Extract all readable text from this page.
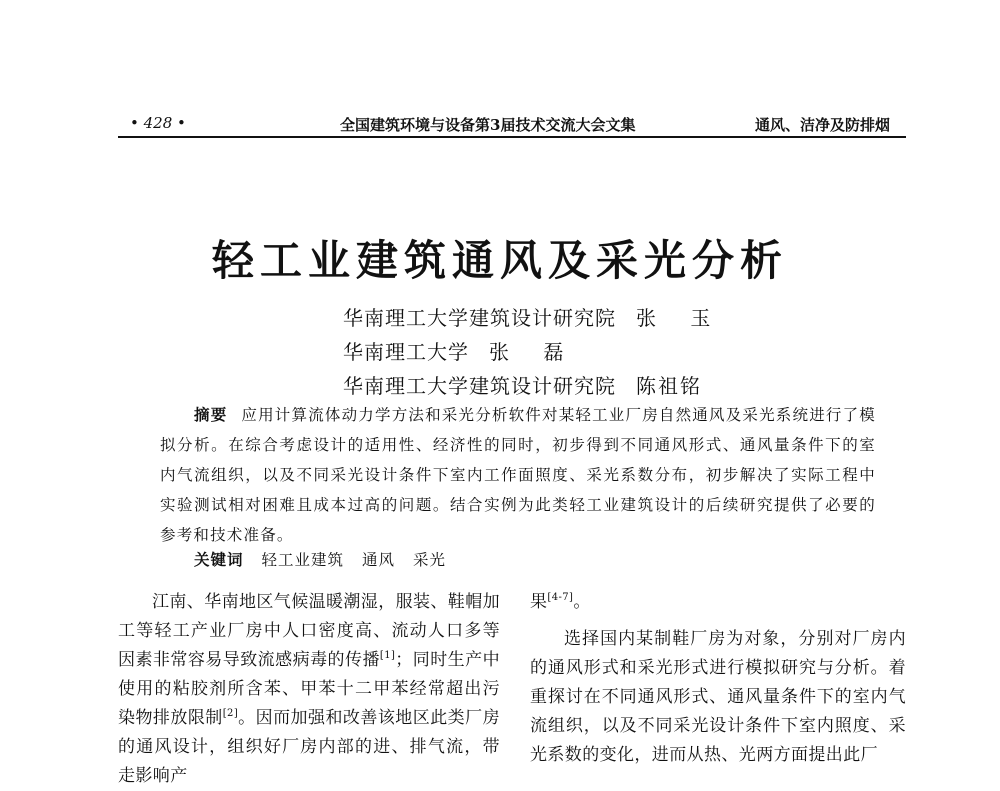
• 428 •	全国建筑环境与设备第3届技术交流大会文集	通风、洁净及防排烟
轻工业建筑通风及采光分析
华南理工大学建筑设计研究院 张 玉
华南理工大学 张 磊
华南理工大学建筑设计研究院 陈祖铭
摘要 应用计算流体动力学方法和采光分析软件对某轻工业厂房自然通风及采光系统进行了模拟分析。在综合考虑设计的适用性、经济性的同时，初步得到不同通风形式、通风量条件下的室内气流组织，以及不同采光设计条件下室内工作面照度、采光系数分布，初步解决了实际工程中实验测试相对困难且成本过高的问题。结合实例为此类轻工业建筑设计的后续研究提供了必要的参考和技术准备。
关键词 轻工业建筑 通风 采光

江南、华南地区气候温暖潮湿，服装、鞋帽加工等轻工产业厂房中人口密度高、流动人口多等因素非常容易导致流感病毒的传播[1]；同时生产中使用的粘胶剂所含苯、甲苯十二甲苯经常超出污染物排放限制[2]。因而加强和改善该地区此类厂房的通风设计，组织好厂房内部的进、排气流，带走影响产

果[4-7]。

选择国内某制鞋厂房为对象，分别对厂房内的通风形式和采光形式进行模拟研究与分析。着重探讨在不同通风形式、通风量条件下的室内气流组织，以及不同采光设计条件下室内照度、采光系数的变化，进而从热、光两方面提出此厂
